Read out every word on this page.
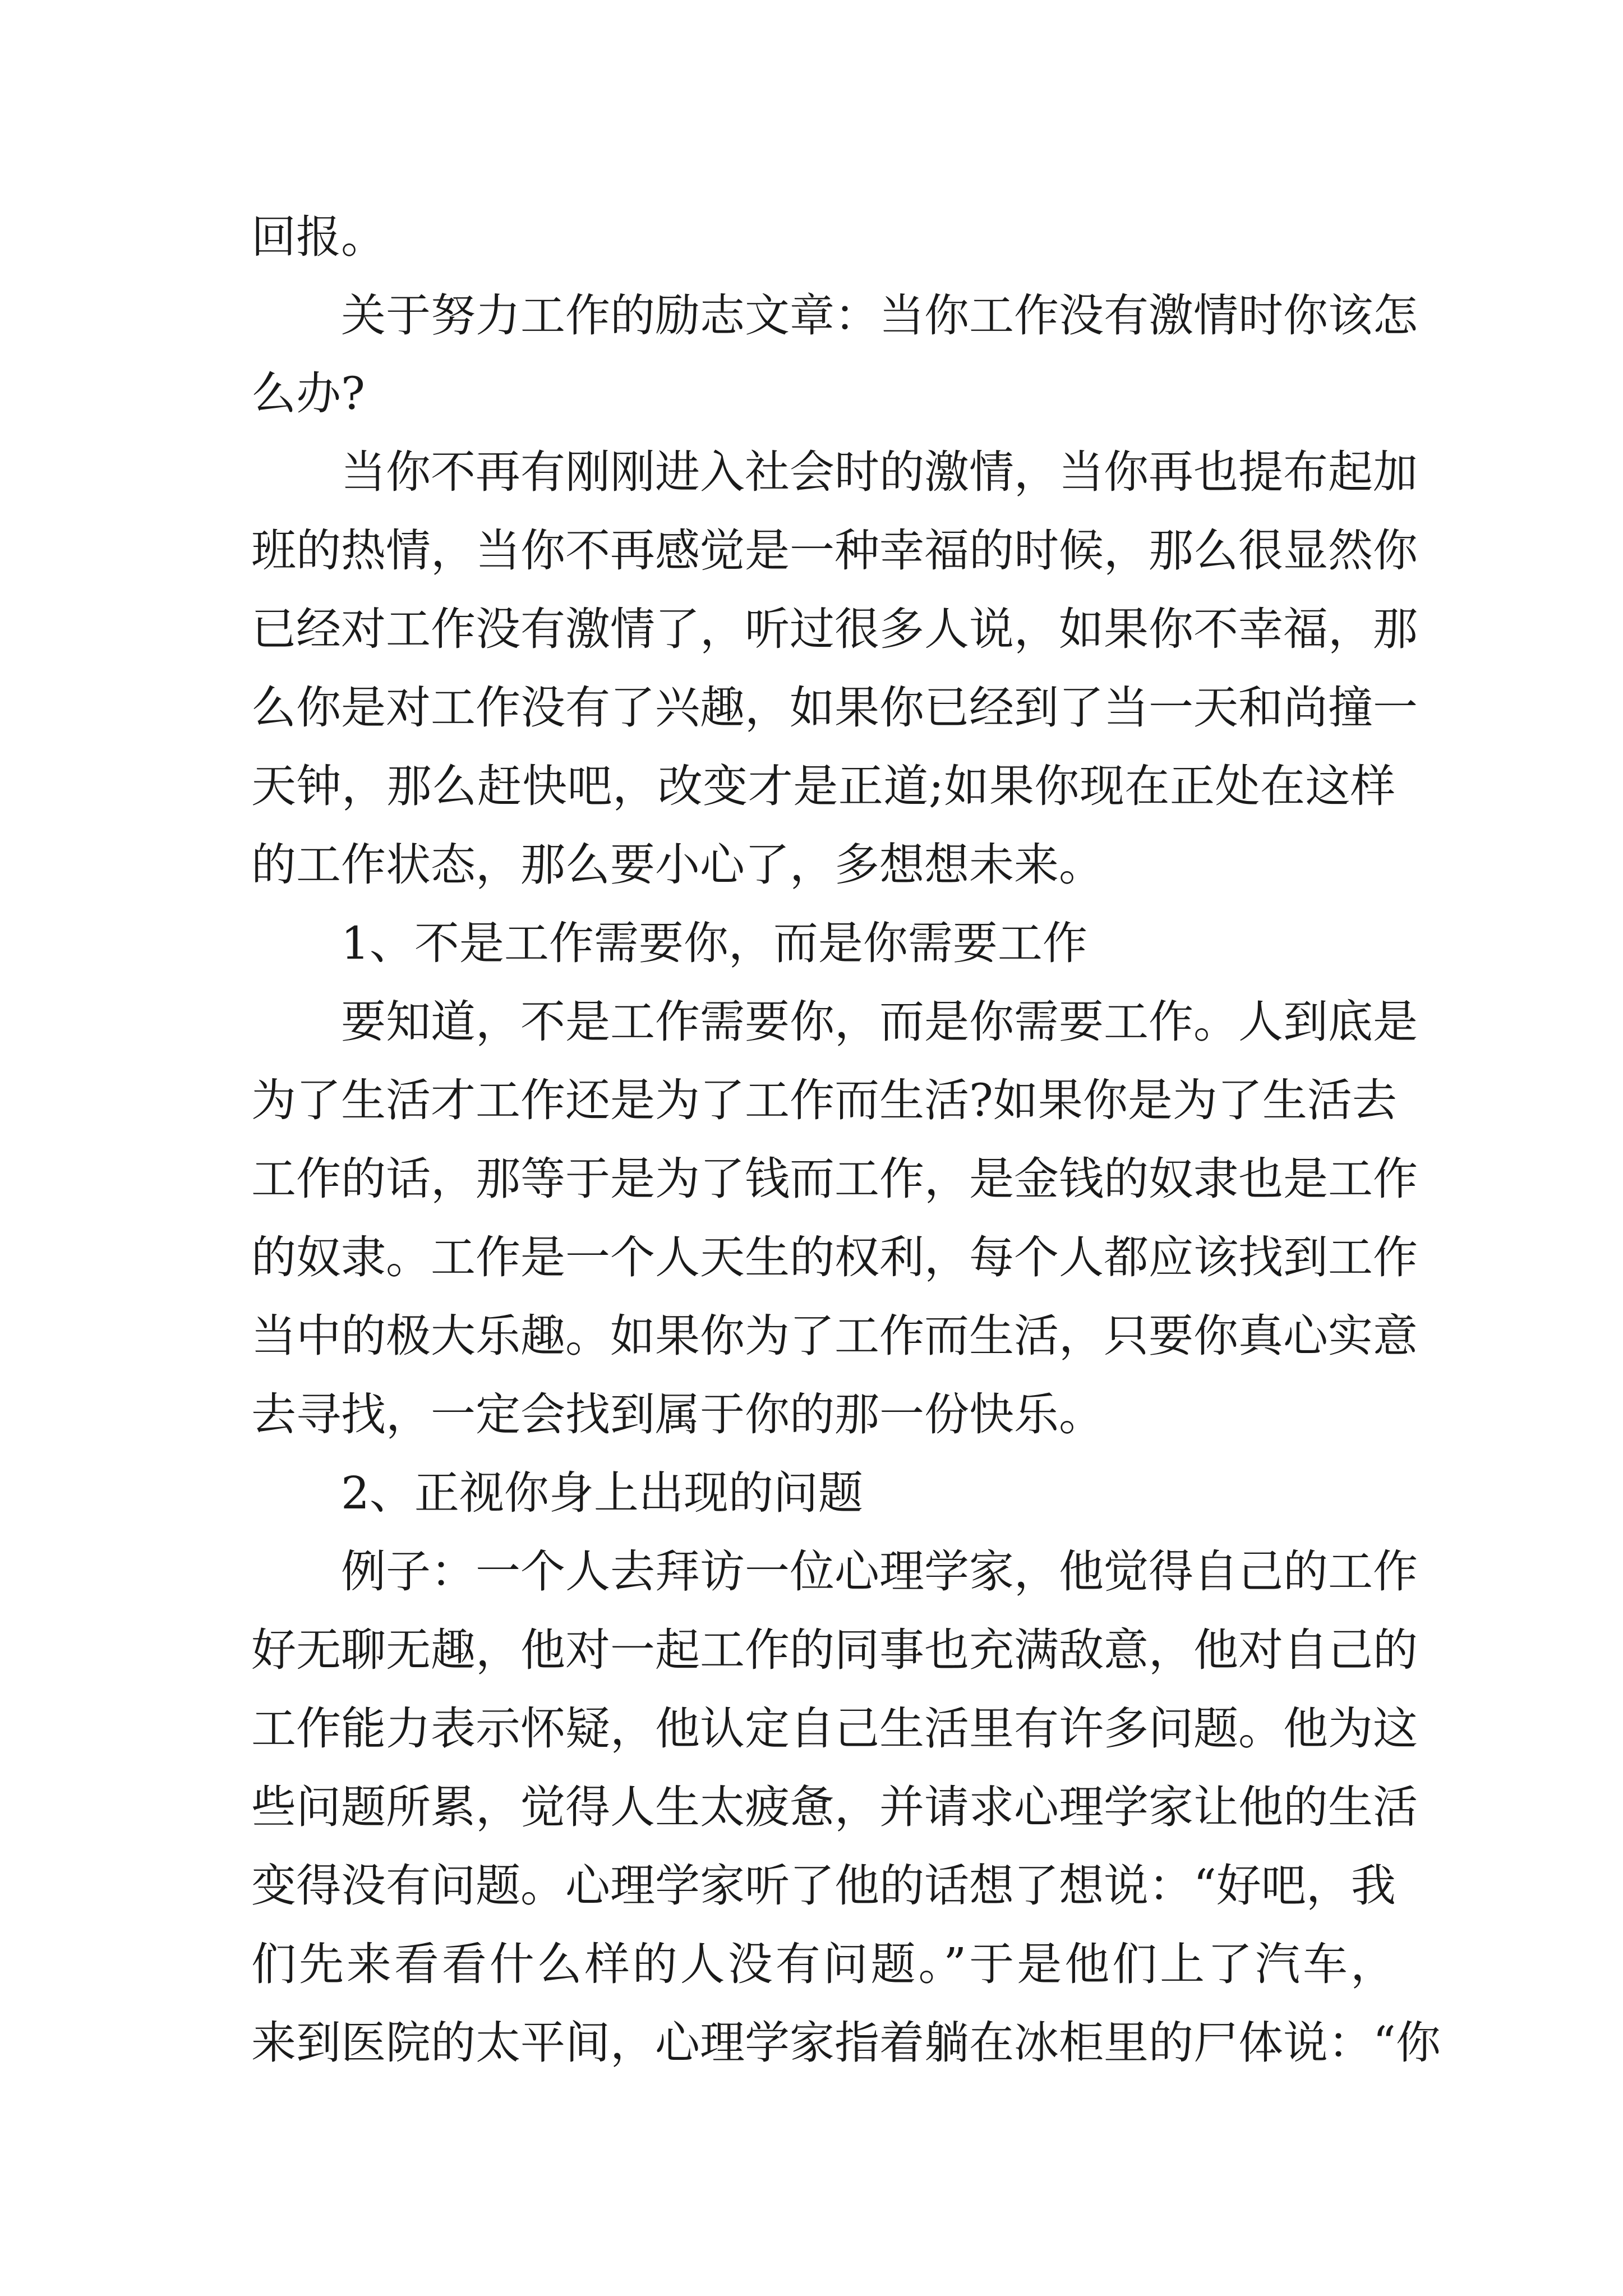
回报。
关于努力工作的励志文章：当你工作没有激情时你该怎
么办?
当你不再有刚刚进入社会时的激情，当你再也提布起加
班的热情，当你不再感觉是一种幸福的时候，那么很显然你
已经对工作没有激情了，听过很多人说，如果你不幸福，那
么你是对工作没有了兴趣，如果你已经到了当一天和尚撞一
天钟，那么赶快吧，改变才是正道;如果你现在正处在这样
的工作状态，那么要小心了，多想想未来。
1、不是工作需要你，而是你需要工作
要知道，不是工作需要你，而是你需要工作。人到底是
为了生活才工作还是为了工作而生活?如果你是为了生活去
工作的话，那等于是为了钱而工作，是金钱的奴隶也是工作
的奴隶。工作是一个人天生的权利，每个人都应该找到工作
当中的极大乐趣。如果你为了工作而生活，只要你真心实意
去寻找，一定会找到属于你的那一份快乐。
2、正视你身上出现的问题
例子：一个人去拜访一位心理学家，他觉得自己的工作
好无聊无趣，他对一起工作的同事也充满敌意，他对自己的
工作能力表示怀疑，他认定自己生活里有许多问题。他为这
些问题所累，觉得人生太疲惫，并请求心理学家让他的生活
变得没有问题。心理学家听了他的话想了想说：“好吧，我
们先来看看什么样的人没有问题。”于是他们上了汽车，
来到医院的太平间，心理学家指着躺在冰柜里的尸体说：“你
